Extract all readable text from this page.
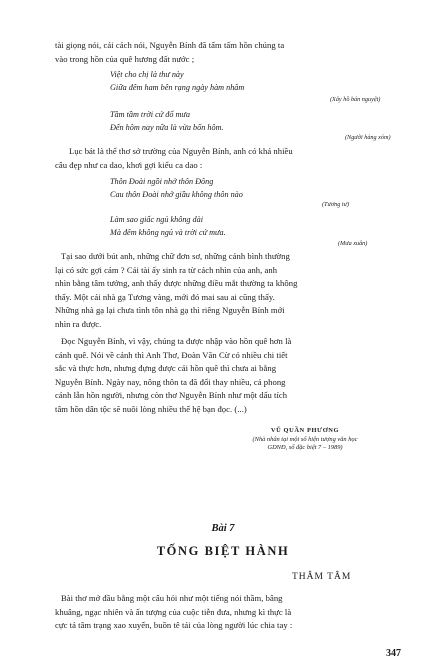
tài giọng nói, cái cách nói, Nguyễn Bính đã tấm tấm hồn chúng ta
vào trong hồn của quê hương đất nước ;
Việt cho chị là thư này
Giữa đêm ham bên rạng ngày hàm nhăm
(Xây hồ bán nguyệt)
Tầm tầm trời cứ đổ mưa
Đến hôm nay nữa là vừa bốn hôm.
(Người hàng xóm)
Lục bát là thể thơ sở trường của Nguyễn Bính, anh có khá nhiều
câu đẹp như ca dao, khơi gợi kiểu ca dao :
Thôn Đoài ngồi nhớ thôn Đông
Cau thôn Đoài nhớ giầu không thôn nào
(Tương tư)
Làm sao giấc ngủ không dài
Mà đêm không ngủ và trời cứ mưa.
(Mưa xuân)
Tại sao dưới bút anh, những chữ đơn sơ, những cảnh bình thường
lại có sức gợi cảm ? Cái tài ấy sinh ra từ cách nhìn của anh, anh
nhìn bằng tâm tưởng, anh thấy được những điều mắt thường ta không
thấy. Một cái nhà gạ Tương vàng, mới đó mai sau ai cũng thấy.
Những nhà gạ lại chưa tình tôn nhà gạ thì riêng Nguyễn Bính mới
nhìn ra được.
Đọc Nguyễn Bính, vì vậy, chúng ta được nhập vào hồn quê hơn là
cảnh quê. Nói về cảnh thì Anh Thơ, Đoàn Văn Cừ có nhiều chi tiết
sắc và thực hơn, nhưng đựng được cái hồn quê thì chưa ai bằng
Nguyễn Bính. Ngày nay, nông thôn ta đã đổi thay nhiều, cả phong
cảnh lẫn hồn người, nhưng còn thơ Nguyễn Bính như một dấu tích
tâm hồn dân tộc sẽ nuôi lòng nhiều thế hệ bạn đọc. (...)
VŨ QUẦN PHƯƠNG
(Nhà nhân tại một số hiện tượng văn học
GDNĐ, số đặc biệt 7 – 1989)
Bài 7
TỐNG BIỆT HÀNH
THÂM TÂM
Bài thơ mở đầu bằng một câu hỏi như một tiếng nói thầm, bâng
khuâng, ngạc nhiên và ấn tượng của cuộc tiễn đưa, nhưng kì thực là
cực tả tâm trạng xao xuyến, buồn tê tái của lòng người lúc chia tay :
347
